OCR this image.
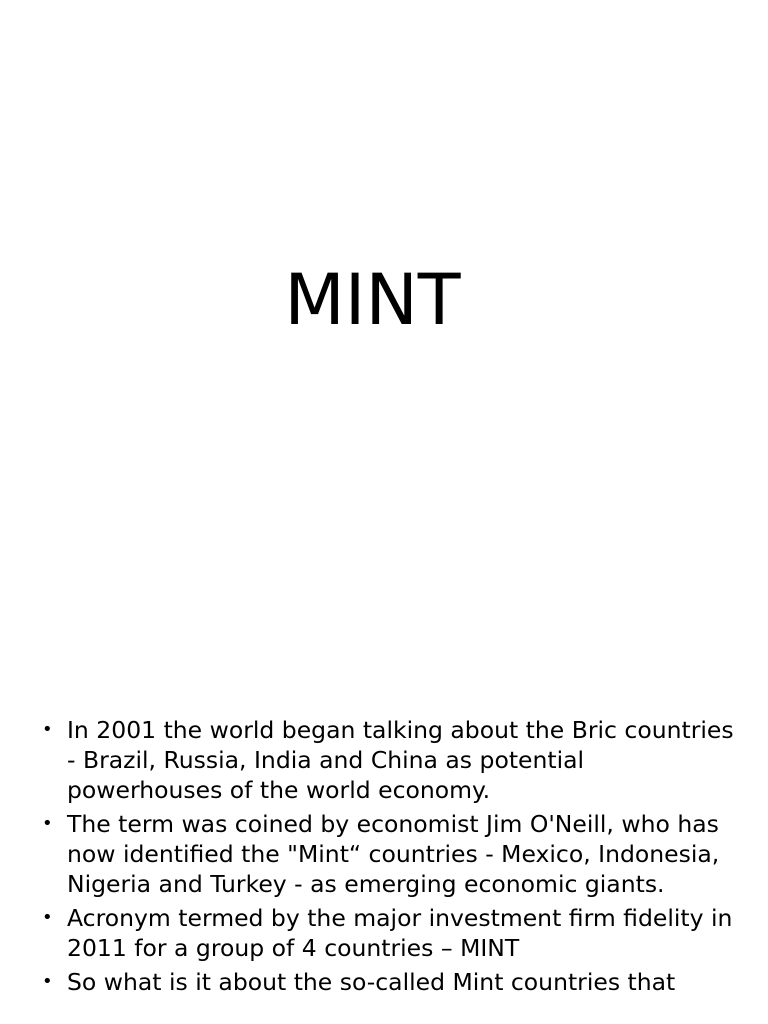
MINT
• In 2001 the world began talking about the Bric countries - Brazil, Russia, India and China as potential powerhouses of the world economy.
• The term was coined by economist Jim O'Neill, who has now identified the "Mint“ countries - Mexico, Indonesia, Nigeria and Turkey - as emerging economic giants.
• Acronym termed by the major investment firm fidelity in 2011 for a group of 4 countries – MINT
• So what is it about the so-called Mint countries that
